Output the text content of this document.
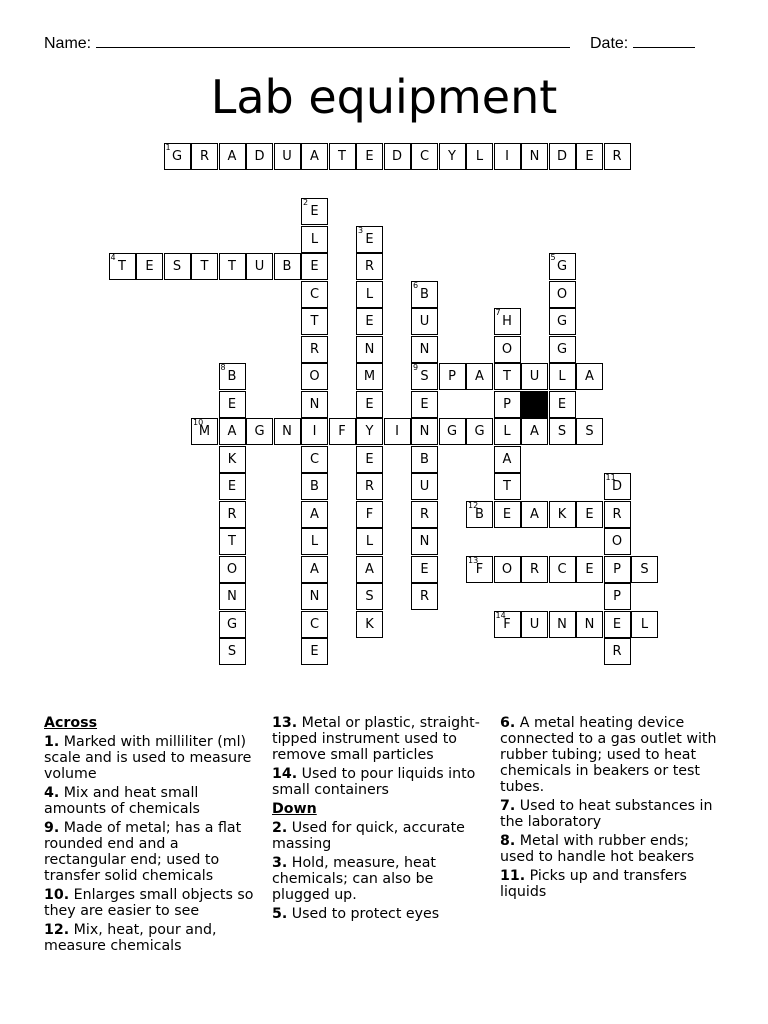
Name:	Date:
Lab equipment
G
1
R A D U A T E D C Y L I N D E R
E
2
L
E
C
T
R
O
N
I
C
B
A
L
A
N
C
E
E
3
R
L
E
N
M
E
Y
E
R
F
L
A
S
K
T
4
E S T T U B	G
5
O
G
G
L
E
B
6
U
N
S
9
E
N
B
U
R
N
E
R
H
7
O
T
P
L
A
T
E
B
8
E
A
K
E
R
T
O
N
G
S
P A	U	A
M
10
G N	F	I	G G	A S S
D
11
R
O
P
P
E
R
B
12
A K E
F
13
O R C E	S
F
14
U N N	L

Across

1. Marked with milliliter (ml) scale and is used to measure volume

4. Mix and heat small amounts of chemicals

9. Made of metal; has a flat rounded end and a rectangular end; used to transfer solid chemicals

10. Enlarges small objects so they are easier to see

12. Mix, heat, pour and, measure chemicals

13. Metal or plastic, straight-tipped instrument used to remove small particles

14. Used to pour liquids into small containers

Down

2. Used for quick, accurate massing

3. Hold, measure, heat chemicals; can also be plugged up.

5. Used to protect eyes

6. A metal heating device connected to a gas outlet with rubber tubing; used to heat chemicals in beakers or test tubes.

7. Used to heat substances in the laboratory

8. Metal with rubber ends; used to handle hot beakers

11. Picks up and transfers liquids
